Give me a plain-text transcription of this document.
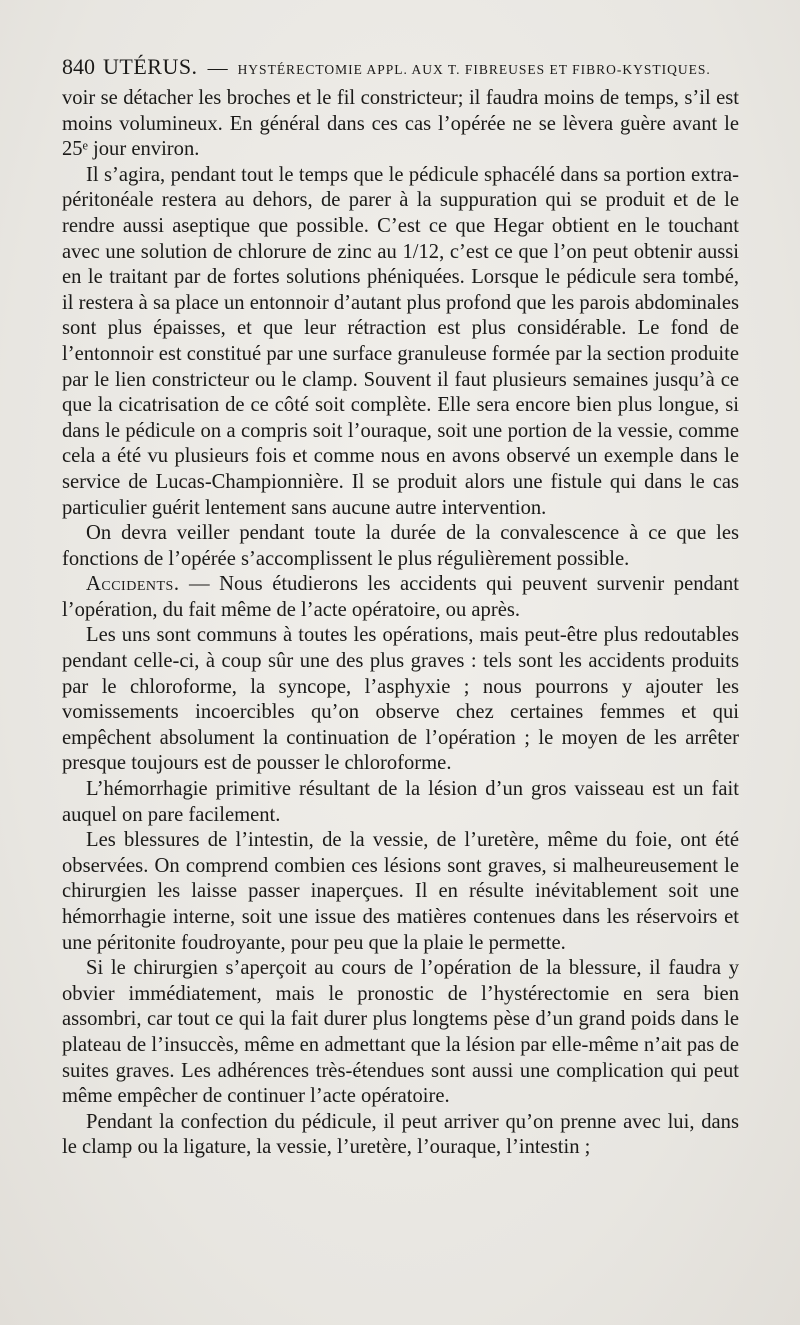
840 UTÉRUS. — HYSTÉRECTOMIE APPL. AUX T. FIBREUSES ET FIBRO-KYSTIQUES.

voir se détacher les broches et le fil constricteur; il faudra moins de temps, s’il est moins volumineux. En général dans ces cas l’opérée ne se lèvera guère avant le 25ᵉ jour environ.

Il s’agira, pendant tout le temps que le pédicule sphacélé dans sa portion extra-péritonéale restera au dehors, de parer à la suppuration qui se produit et de le rendre aussi aseptique que possible. C’est ce que Hegar obtient en le touchant avec une solution de chlorure de zinc au 1/12, c’est ce que l’on peut obtenir aussi en le traitant par de fortes solutions phéniquées. Lorsque le pédicule sera tombé, il restera à sa place un entonnoir d’autant plus profond que les parois abdominales sont plus épaisses, et que leur rétraction est plus considérable. Le fond de l’entonnoir est constitué par une surface granuleuse formée par la section produite par le lien constricteur ou le clamp. Souvent il faut plusieurs semaines jusqu’à ce que la cicatrisation de ce côté soit complète. Elle sera encore bien plus longue, si dans le pédicule on a compris soit l’ouraque, soit une portion de la vessie, comme cela a été vu plusieurs fois et comme nous en avons observé un exemple dans le service de Lucas-Championnière. Il se produit alors une fistule qui dans le cas particulier guérit lentement sans aucune autre intervention.

On devra veiller pendant toute la durée de la convalescence à ce que les fonctions de l’opérée s’accomplissent le plus régulièrement possible.

Accidents. — Nous étudierons les accidents qui peuvent survenir pendant l’opération, du fait même de l’acte opératoire, ou après.

Les uns sont communs à toutes les opérations, mais peut-être plus redoutables pendant celle-ci, à coup sûr une des plus graves : tels sont les accidents produits par le chloroforme, la syncope, l’asphyxie ; nous pourrons y ajouter les vomissements incoercibles qu’on observe chez certaines femmes et qui empêchent absolument la continuation de l’opération ; le moyen de les arrêter presque toujours est de pousser le chloroforme.

L’hémorrhagie primitive résultant de la lésion d’un gros vaisseau est un fait auquel on pare facilement.

Les blessures de l’intestin, de la vessie, de l’uretère, même du foie, ont été observées. On comprend combien ces lésions sont graves, si malheureusement le chirurgien les laisse passer inaperçues. Il en résulte inévitablement soit une hémorrhagie interne, soit une issue des matières contenues dans les réservoirs et une péritonite foudroyante, pour peu que la plaie le permette.

Si le chirurgien s’aperçoit au cours de l’opération de la blessure, il faudra y obvier immédiatement, mais le pronostic de l’hystérectomie en sera bien assombri, car tout ce qui la fait durer plus longtems pèse d’un grand poids dans le plateau de l’insuccès, même en admettant que la lésion par elle-même n’ait pas de suites graves. Les adhérences très-étendues sont aussi une complication qui peut même empêcher de continuer l’acte opératoire.

Pendant la confection du pédicule, il peut arriver qu’on prenne avec lui, dans le clamp ou la ligature, la vessie, l’uretère, l’ouraque, l’intestin ;
